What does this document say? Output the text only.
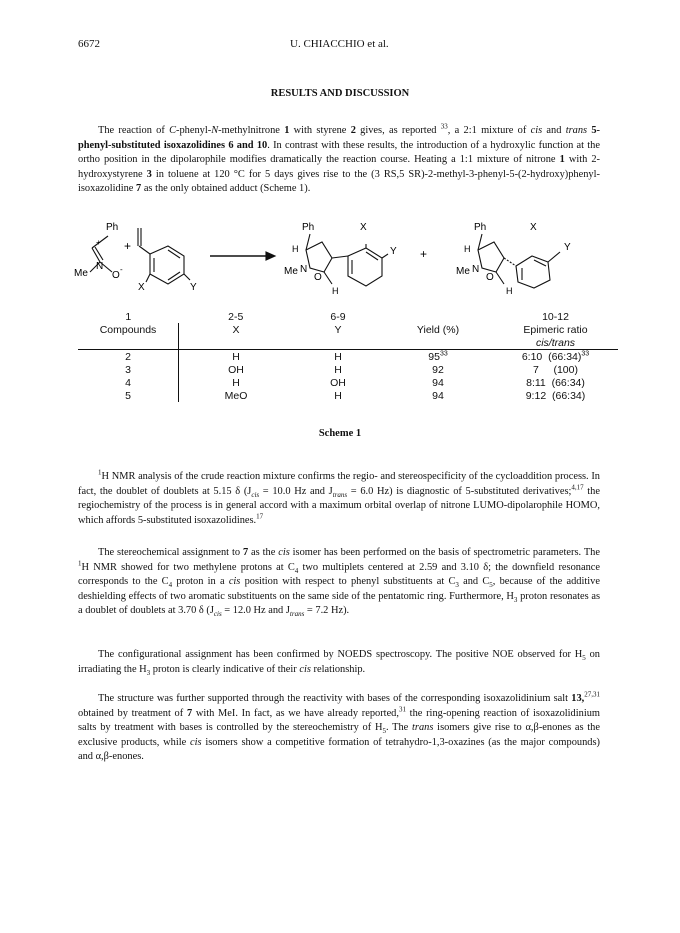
6672	U. CHIACCHIO et al.
RESULTS AND DISCUSSION

The reaction of C-phenyl-N-methylnitrone 1 with styrene 2 gives, as reported $^{33}$, a 2:1 mixture of cis and trans 5-phenyl-substituted isoxazolidines 6 and 10. In contrast with these results, the introduction of a hydroxylic function at the ortho position in the dipolarophile modifies dramatically the reaction course. Heating a 1:1 mixture of nitrone 1 with 2-hydroxystyrene 3 in toluene at 120 °C for 5 days gives rise to the (3 RS,5 SR)-2-methyl-3-phenyl-5-(2-hydroxy)phenyl-isoxazolidine 7 as the only obtained adduct (Scheme 1).

Ph
+
Me
N
O
-
+
X	Y
Ph	X
Y
H
Me N
O
H
+
Ph	X
Y
H
Me N
O
H
1	2-5	6-9		10-12
Compounds	X	Y	Yield (%)	Epimeric ratio
				cis/trans
2	H	H	$95^{33}$	6:10  (66:34)$^{33}$
3	OH	H	92	7     (100)
4	H	OH	94	8:11  (66:34)
5	MeO	H	94	9:12  (66:34)
Scheme 1

$^1$H NMR analysis of the crude reaction mixture confirms the regio- and stereospecificity of the cycloaddition process. In fact, the doublet of doublets at 5.15 δ ($J_{cis} = 10.0$ Hz and $J_{trans} = 6.0$ Hz) is diagnostic of 5-substituted derivatives;$^{4,17}$ the regiochemistry of the process is in general accord with a maximum orbital overlap of nitrone LUMO-dipolarophile HOMO, which affords 5-substituted isoxazolidines.$^{17}$

The stereochemical assignment to 7 as the cis isomer has been performed on the basis of spectrometric parameters. The $^1$H NMR showed for two methylene protons at $C_4$ two multiplets centered at 2.59 and 3.10 δ; the downfield resonance corresponds to the $C_4$ proton in a cis position with respect to phenyl substituents at $C_3$ and $C_5$, because of the additive deshielding effects of two aromatic substituents on the same side of the pentatomic ring. Furthermore, $H_3$ proton resonates as a doublet of doublets at 3.70 δ ($J_{cis} = 12.0$ Hz and $J_{trans} = 7.2$ Hz).

The configurational assignment has been confirmed by NOEDS spectroscopy. The positive NOE observed for $H_5$ on irradiating the $H_3$ proton is clearly indicative of their cis relationship.

The structure was further supported through the reactivity with bases of the corresponding isoxazolidinium salt 13,$^{27,31}$ obtained by treatment of 7 with MeI. In fact, as we have already reported,$^{31}$ the ring-opening reaction of isoxazolidinium salts by treatment with bases is controlled by the stereochemistry of $H_5$. The trans isomers give rise to α,β-enones as the exclusive products, while cis isomers show a competitive formation of tetrahydro-1,3-oxazines (as the major compounds) and α,β-enones.
